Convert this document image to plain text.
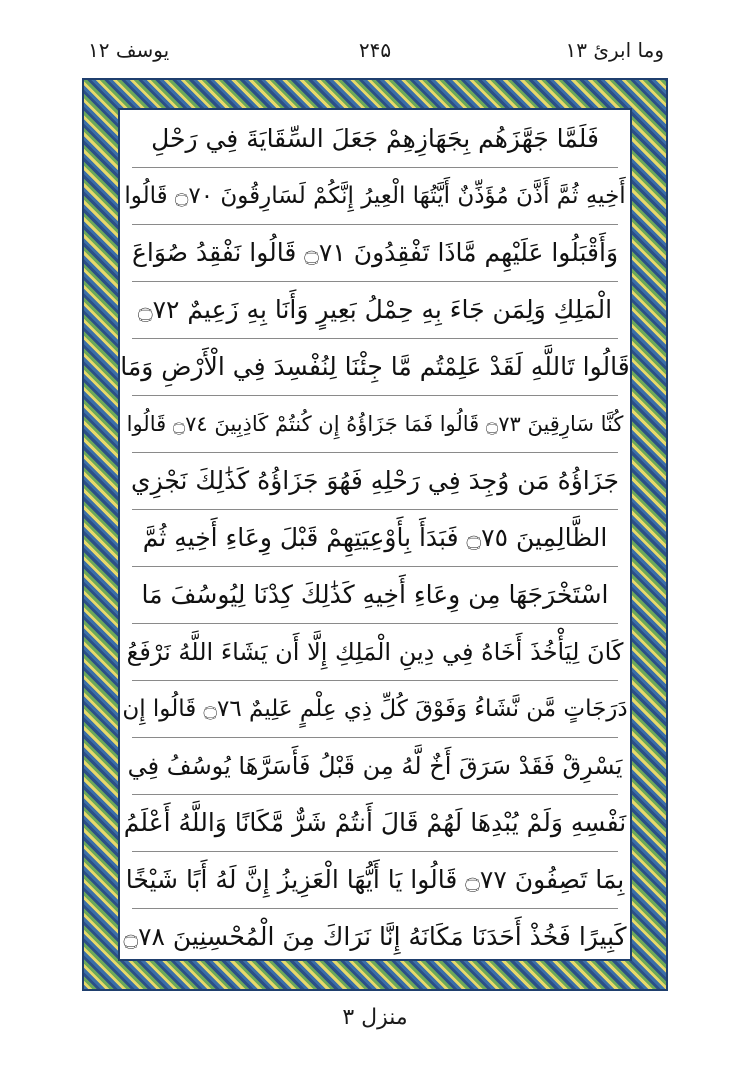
یوسف ۱۲	۲۴۵	وما ابرئ ۱۳
فَلَمَّا جَهَّزَهُم بِجَهَازِهِمْ جَعَلَ السِّقَايَةَ فِي رَحْلِ
أَخِيهِ ثُمَّ أَذَّنَ مُؤَذِّنٌ أَيَّتُهَا الْعِيرُ إِنَّكُمْ لَسَارِقُونَ ۝٧٠ قَالُوا
وَأَقْبَلُوا عَلَيْهِم مَّاذَا تَفْقِدُونَ ۝٧١ قَالُوا نَفْقِدُ صُوَاعَ
الْمَلِكِ وَلِمَن جَاءَ بِهِ حِمْلُ بَعِيرٍ وَأَنَا بِهِ زَعِيمٌ ۝٧٢
قَالُوا تَاللَّهِ لَقَدْ عَلِمْتُم مَّا جِئْنَا لِنُفْسِدَ فِي الْأَرْضِ وَمَا
كُنَّا سَارِقِينَ ۝٧٣ قَالُوا فَمَا جَزَاؤُهُ إِن كُنتُمْ كَاذِبِينَ ۝٧٤ قَالُوا
جَزَاؤُهُ مَن وُجِدَ فِي رَحْلِهِ فَهُوَ جَزَاؤُهُ كَذَٰلِكَ نَجْزِي
الظَّالِمِينَ ۝٧٥ فَبَدَأَ بِأَوْعِيَتِهِمْ قَبْلَ وِعَاءِ أَخِيهِ ثُمَّ
اسْتَخْرَجَهَا مِن وِعَاءِ أَخِيهِ كَذَٰلِكَ كِدْنَا لِيُوسُفَ مَا
كَانَ لِيَأْخُذَ أَخَاهُ فِي دِينِ الْمَلِكِ إِلَّا أَن يَشَاءَ اللَّهُ نَرْفَعُ
دَرَجَاتٍ مَّن نَّشَاءُ وَفَوْقَ كُلِّ ذِي عِلْمٍ عَلِيمٌ ۝٧٦ قَالُوا إِن
يَسْرِقْ فَقَدْ سَرَقَ أَخٌ لَّهُ مِن قَبْلُ فَأَسَرَّهَا يُوسُفُ فِي
نَفْسِهِ وَلَمْ يُبْدِهَا لَهُمْ قَالَ أَنتُمْ شَرٌّ مَّكَانًا وَاللَّهُ أَعْلَمُ
بِمَا تَصِفُونَ ۝٧٧ قَالُوا يَا أَيُّهَا الْعَزِيزُ إِنَّ لَهُ أَبًا شَيْخًا
كَبِيرًا فَخُذْ أَحَدَنَا مَكَانَهُ إِنَّا نَرَاكَ مِنَ الْمُحْسِنِينَ ۝٧٨
منزل ۳
